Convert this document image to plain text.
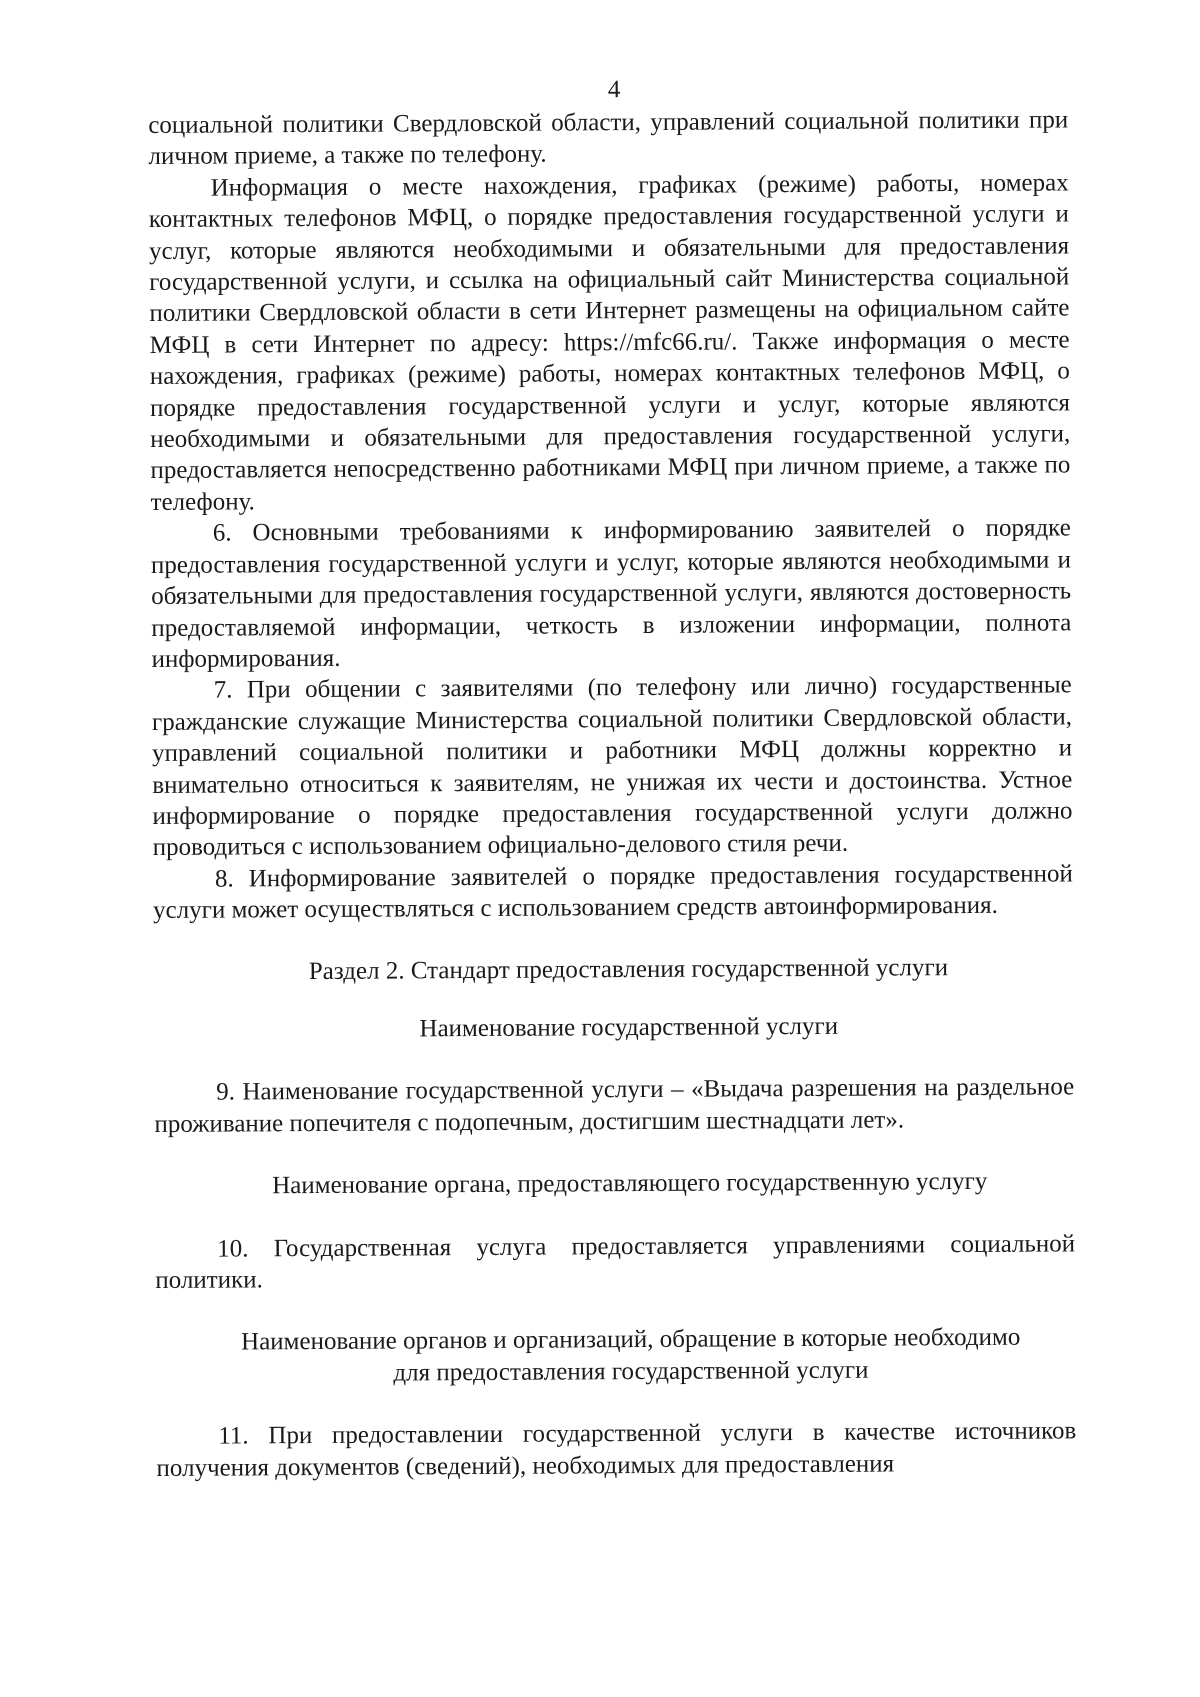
4

социальной политики Свердловской области, управлений социальной политики при личном приеме, а также по телефону.

Информация о месте нахождения, графиках (режиме) работы, номерах контактных телефонов МФЦ, о порядке предоставления государственной услуги и услуг, которые являются необходимыми и обязательными для предоставления государственной услуги, и ссылка на официальный сайт Министерства социальной политики Свердловской области в сети Интернет размещены на официальном сайте МФЦ в сети Интернет по адресу: https://mfc66.ru/. Также информация о месте нахождения, графиках (режиме) работы, номерах контактных телефонов МФЦ, о порядке предоставления государственной услуги и услуг, которые являются необходимыми и обязательными для предоставления государственной услуги, предоставляется непосредственно работниками МФЦ при личном приеме, а также по телефону.

6. Основными требованиями к информированию заявителей о порядке предоставления государственной услуги и услуг, которые являются необходимыми и обязательными для предоставления государственной услуги, являются достоверность предоставляемой информации, четкость в изложении информации, полнота информирования.

7. При общении с заявителями (по телефону или лично) государственные гражданские служащие Министерства социальной политики Свердловской области, управлений социальной политики и работники МФЦ должны корректно и внимательно относиться к заявителям, не унижая их чести и достоинства. Устное информирование о порядке предоставления государственной услуги должно проводиться с использованием официально-делового стиля речи.

8. Информирование заявителей о порядке предоставления государственной услуги может осуществляться с использованием средств автоинформирования.

Раздел 2. Стандарт предоставления государственной услуги
Наименование государственной услуги

9. Наименование государственной услуги – «Выдача разрешения на раздельное проживание попечителя с подопечным, достигшим шестнадцати лет».

Наименование органа, предоставляющего государственную услугу

10. Государственная услуга предоставляется управлениями социальной политики.

Наименование органов и организаций, обращение в которые необходимо
для предоставления государственной услуги

11. При предоставлении государственной услуги в качестве источников получения документов (сведений), необходимых для предоставления
